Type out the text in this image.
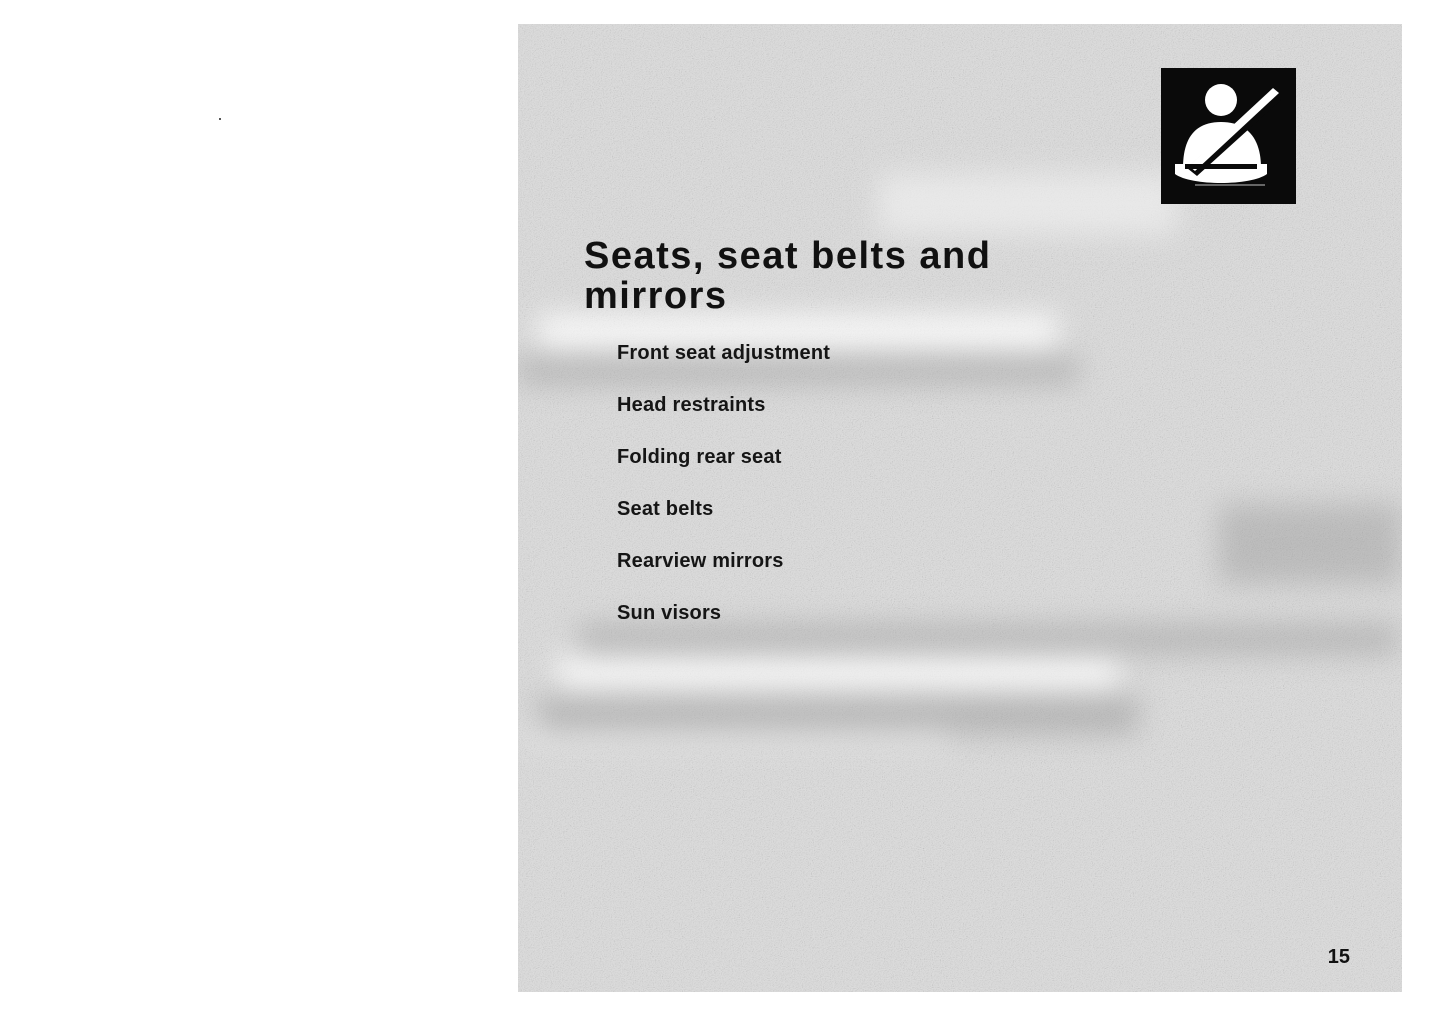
Seats, seat belts and mirrors
Front seat adjustment
Head restraints
Folding rear seat
Seat belts
Rearview mirrors
Sun visors
15
